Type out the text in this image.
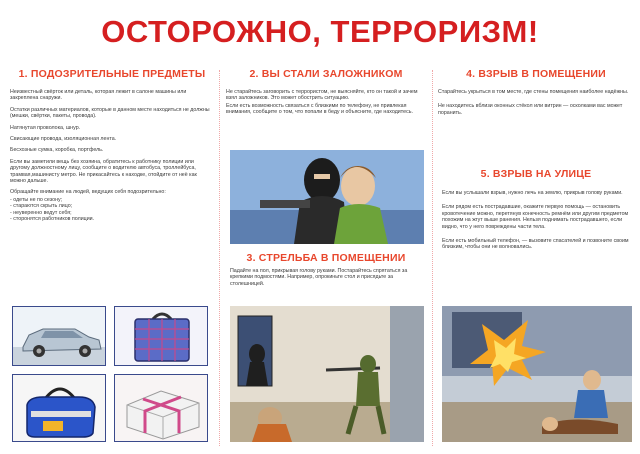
ОСТОРОЖНО, ТЕРРОРИЗМ!
1. ПОДОЗРИТЕЛЬНЫЕ ПРЕДМЕТЫ

Неизвестный свёрток или деталь, которая лежит в салоне машины или закреплена снаружи.

Остатки различных материалов, которые в данном месте находиться не должны (мешки, свёртки, пакеты, провода).

Натянутая проволока, шнур.

Свисающие провода, изоляционная лента.

Бесхозные сумка, коробка, портфель.

Если вы заметили вещь без хозяина, обратитесь к работнику полиции или другому должностному лицу, сообщите о водителю автобуса, троллейбуса, трамвая,машинисту метро. Не прикасайтесь к находке, отойдите от неё как можно дальше.

Обращайте внимание на людей, ведущих себя подозрительно:

- одеты не по сезону;
- стараются скрыть лицо;
- неуверенно ведут себя;
- сторонятся работников полиции.
2. ВЫ СТАЛИ ЗАЛОЖНИКОМ

Не старайтесь заговорить с террористом, не выясняйте, кто он такой и зачем взял заложников. Это может обострить ситуацию.

Если есть возможность связаться с близкими по телефону, не привлекая внимания, сообщите о том, что попали в беду и объясните, где находитесь.

3. СТРЕЛЬБА В ПОМЕЩЕНИИ

Падайте на пол, прикрывая голову руками. Постарайтесь спрятаться за крепкими подмостями. Например, опрокиньте стол и присядьте за столешницей.

4. ВЗРЫВ В ПОМЕЩЕНИИ

Старайтесь укрыться в том месте, где стены помещения наиболее надёжны.

Не находитесь вблизи оконных стёкол или витрин — осколками вас может поранить.

5. ВЗРЫВ НА УЛИЦЕ

Если вы услышали взрыв, нужно лечь на землю, прикрыв голову руками.

Если рядом есть пострадавшие, окажите первую помощь — остановить кровотечение можно, перетянув конечность ремнём или другим предметом похожим на жгут выше ранения. Нельзя поднимать пострадавшего, если видно, что у него повреждены части тела.

Если есть мобильный телефон, — вызовите спасателей и позвоните своим близким, чтобы они не волновались.
